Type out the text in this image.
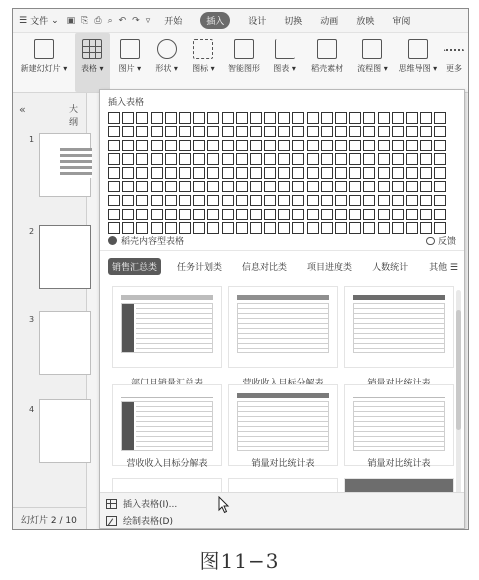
☰ 文件 ⌄ ▣ ⎘ ⎙ ⌕ ↶ ↷ ▿ 开始	插入	设计 切换 动画 放映 审阅
新建幻灯片 ▾ 表格 ▾ 图片 ▾ 形状 ▾ 图标 ▾ 智能图形 图表 ▾ 稻壳素材 流程图 ▾ 思维导图 ▾ 更多
«	大纲
1
2
3
4
幻灯片 2 / 10
插入表格
稻壳内容型表格	反馈
销售汇总类	任务计划类	信息对比类	项目进度类	人数统计	其他 ☰
营收收入目标分解表	销量对比统计表	销量对比统计表
插入表格(I)...
绘制表格(D)
图11−3
